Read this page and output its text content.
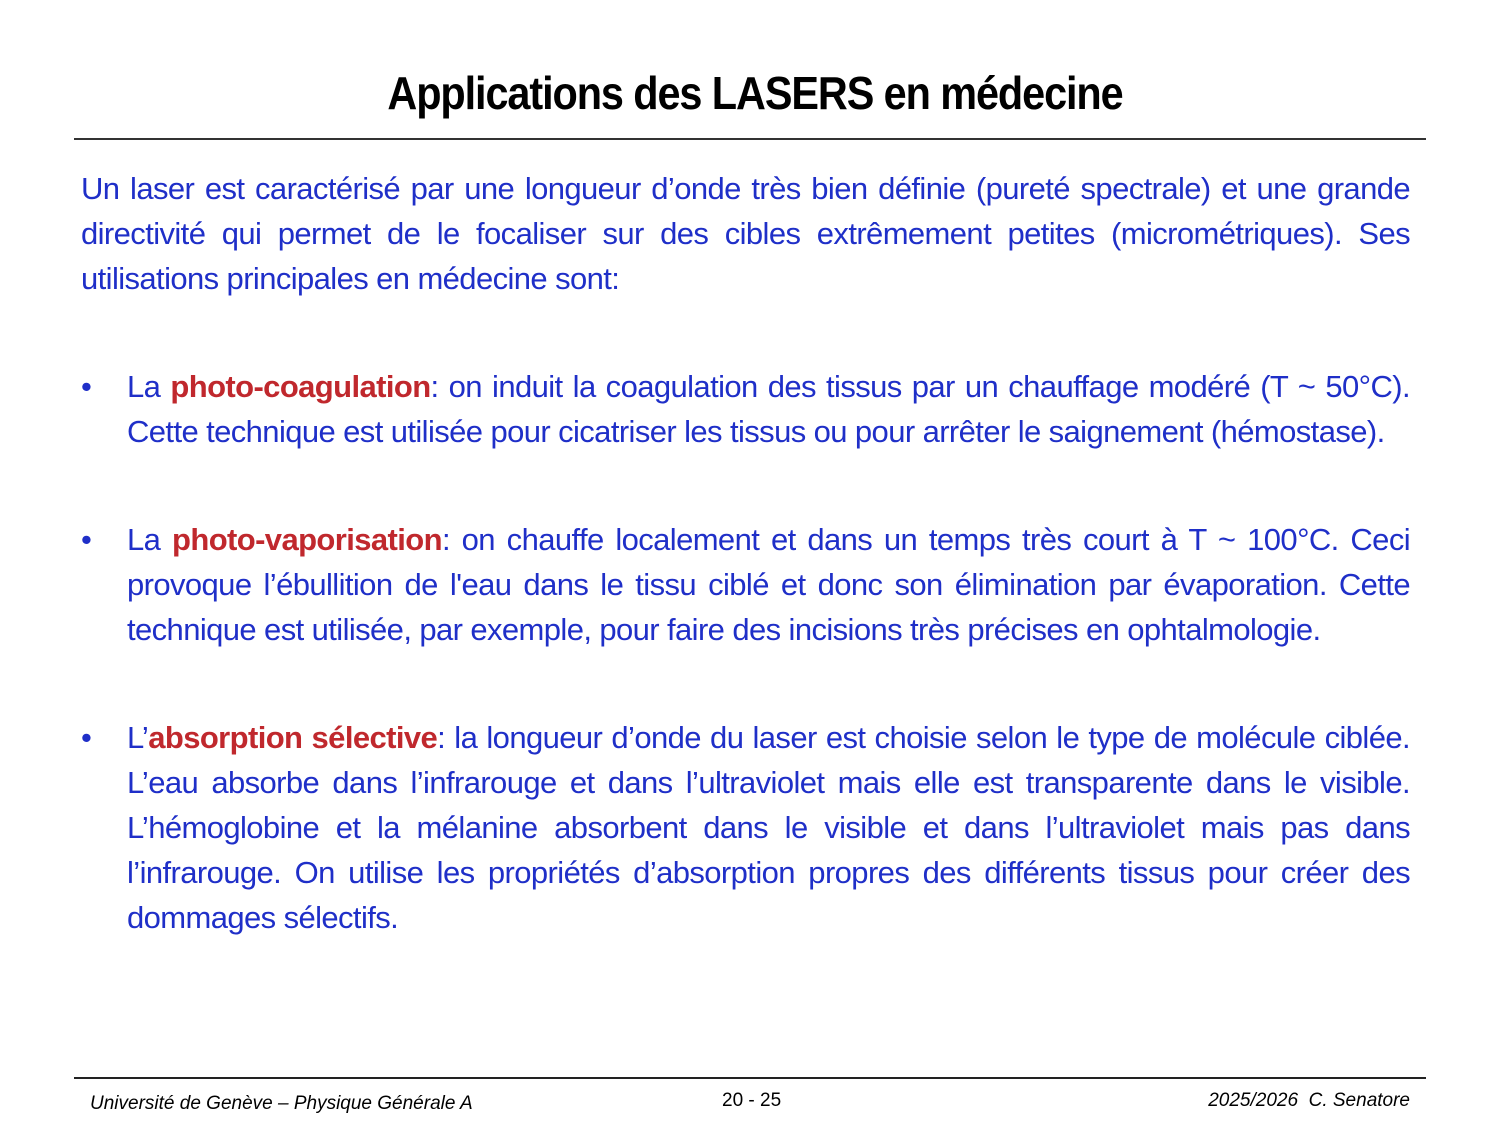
Applications des LASERS en médecine

Un laser est caractérisé par une longueur d’onde très bien définie (pureté spectrale) et une grande directivité qui permet de le focaliser sur des cibles extrêmement petites (micrométriques). Ses utilisations principales en médecine sont:

•	La photo-coagulation: on induit la coagulation des tissus par un chauffage modéré (T ~ 50°C). Cette technique est utilisée pour cicatriser les tissus ou pour arrêter le saignement (hémostase).

•	La photo-vaporisation: on chauffe localement et dans un temps très court à T ~ 100°C. Ceci provoque l’ébullition de l'eau dans le tissu ciblé et donc son élimination par évaporation. Cette technique est utilisée, par exemple, pour faire des incisions très précises en ophtalmologie.

•	L’absorption sélective: la longueur d’onde du laser est choisie selon le type de molécule ciblée. L’eau absorbe dans l’infrarouge et dans l’ultraviolet mais elle est transparente dans le visible. L’hémoglobine et la mélanine absorbent dans le visible et dans l’ultraviolet mais pas dans l’infrarouge. On utilise les propriétés d’absorption propres des différents tissus pour créer des dommages sélectifs.

Université de Genève – Physique Générale A	20 - 25	2025/2026  C. Senatore
